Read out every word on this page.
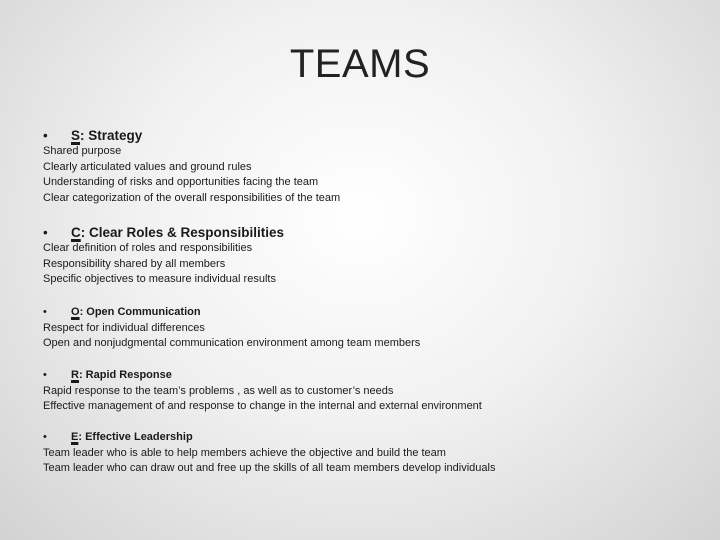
TEAMS
•	S : Strategy
Shared purpose
Clearly articulated values and ground rules
Understanding of risks and opportunities facing the team
Clear categorization of the overall responsibilities of the team
•	C : Clear Roles & Responsibilities
Clear definition of roles and responsibilities
Responsibility shared by all members
Specific objectives to measure individual results
•	O : Open Communication
Respect for individual differences
Open and nonjudgmental communication environment among team members
•	R : Rapid Response
Rapid response to the team’s problems , as well as to customer’s needs
Effective management of and response to change in the internal and external environment
•	E : Effective Leadership
Team leader who is able to help members achieve the objective and build the team
Team leader who can draw out and free up the skills of all team members develop individuals
